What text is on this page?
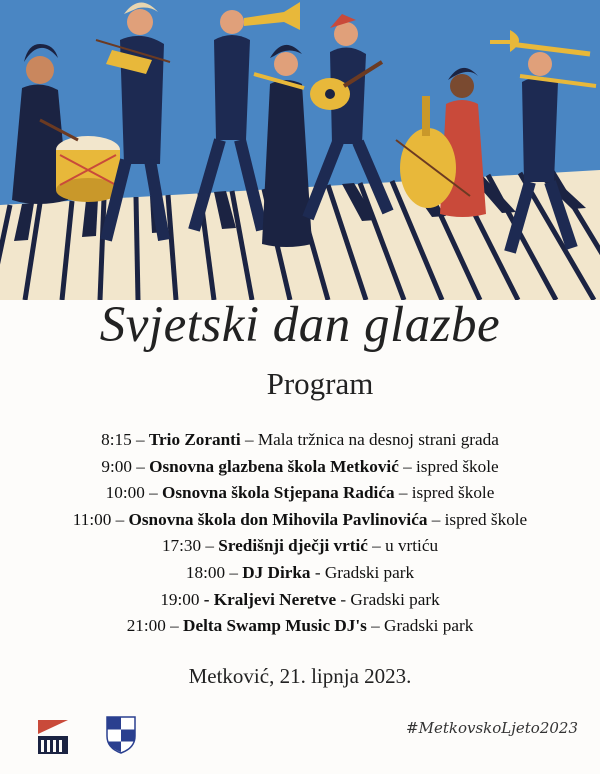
Svjetski dan glazbe
Program
8:15 – Trio Zoranti – Mala tržnica na desnoj strani grada
9:00 – Osnovna glazbena škola Metković – ispred škole
10:00 – Osnovna škola Stjepana Radića – ispred škole
11:00 – Osnovna škola don Mihovila Pavlinovića – ispred škole
17:30 – Središnji dječji vrtić – u vrtiću
18:00 – DJ Dirka - Gradski park
19:00 - Kraljevi Neretve - Gradski park
21:00 – Delta Swamp Music DJ's – Gradski park
Metković, 21. lipnja 2023.
#MetkovskoLjeto2023
